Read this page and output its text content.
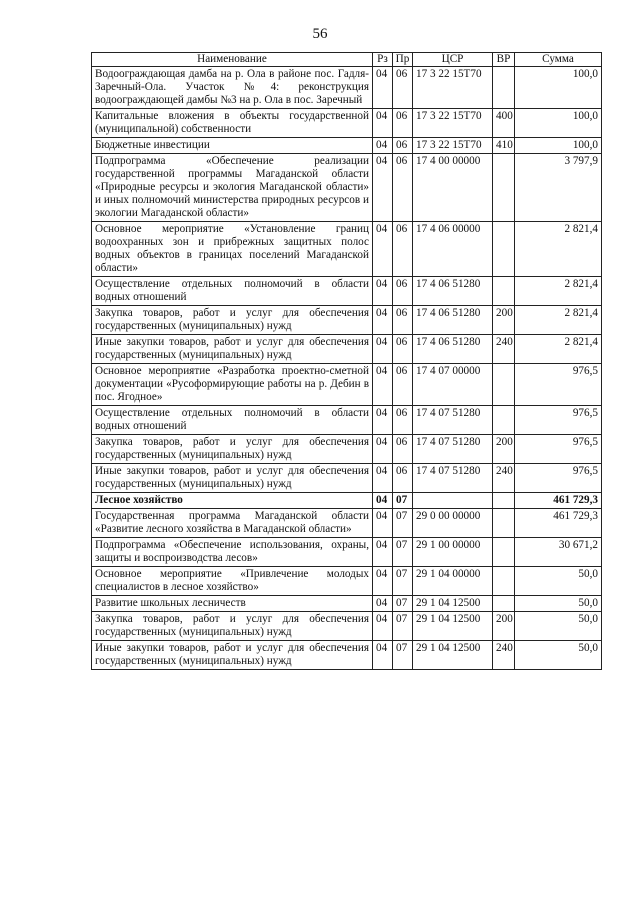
56
Наименование	Рз	Пр	ЦСР	ВР	Сумма
Водоограждающая дамба на р. Ола в районе пос. Гадля-Заречный-Ола. Участок №4: реконструкция водоограждающей дамбы №3 на р. Ола в пос. Заречный	04	06	17 3 22 15Т70		100,0
Капитальные вложения в объекты государственной (муниципальной) собственности	04	06	17 3 22 15Т70	400	100,0
Бюджетные инвестиции	04	06	17 3 22 15Т70	410	100,0
Подпрограмма «Обеспечение реализации государственной программы Магаданской области «Природные ресурсы и экология Магаданской области» и иных полномочий министерства природных ресурсов и экологии Магаданской области»	04	06	17 4 00 00000		3 797,9
Основное мероприятие «Установление границ водоохранных зон и прибрежных защитных полос водных объектов в границах поселений Магаданской области»	04	06	17 4 06 00000		2 821,4
Осуществление отдельных полномочий в области водных отношений	04	06	17 4 06 51280		2 821,4
Закупка товаров, работ и услуг для обеспечения государственных (муниципальных) нужд	04	06	17 4 06 51280	200	2 821,4
Иные закупки товаров, работ и услуг для обеспечения государственных (муниципальных) нужд	04	06	17 4 06 51280	240	2 821,4
Основное мероприятие «Разработка проектно-сметной документации «Русоформирующие работы на р. Дебин в пос. Ягодное»	04	06	17 4 07 00000		976,5
Осуществление отдельных полномочий в области водных отношений	04	06	17 4 07 51280		976,5
Закупка товаров, работ и услуг для обеспечения государственных (муниципальных) нужд	04	06	17 4 07 51280	200	976,5
Иные закупки товаров, работ и услуг для обеспечения государственных (муниципальных) нужд	04	06	17 4 07 51280	240	976,5
Лесное хозяйство	04	07			461 729,3
Государственная программа Магаданской области «Развитие лесного хозяйства в Магаданской области»	04	07	29 0 00 00000		461 729,3
Подпрограмма «Обеспечение использования, охраны, защиты и воспроизводства лесов»	04	07	29 1 00 00000		30 671,2
Основное мероприятие «Привлечение молодых специалистов в лесное хозяйство»	04	07	29 1 04 00000		50,0
Развитие школьных лесничеств	04	07	29 1 04 12500		50,0
Закупка товаров, работ и услуг для обеспечения государственных (муниципальных) нужд	04	07	29 1 04 12500	200	50,0
Иные закупки товаров, работ и услуг для обеспечения государственных (муниципальных) нужд	04	07	29 1 04 12500	240	50,0
